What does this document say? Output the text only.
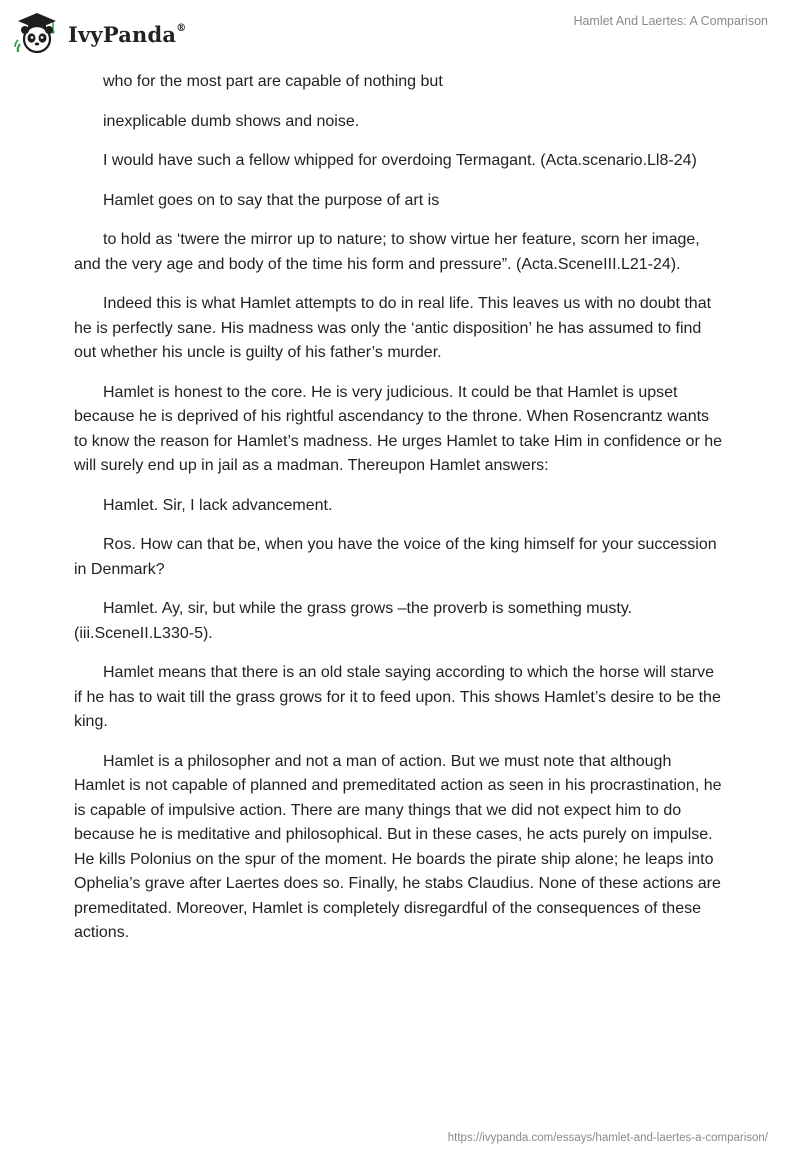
IvyPanda®	Hamlet And Laertes: A Comparison

who for the most part are capable of nothing but

inexplicable dumb shows and noise.

I would have such a fellow whipped for overdoing Termagant. (Acta.scenario.Ll8-24)

Hamlet goes on to say that the purpose of art is

to hold as ‘twere the mirror up to nature; to show virtue her feature, scorn her image, and the very age and body of the time his form and pressure”. (Acta.SceneIII.L21-24).

Indeed this is what Hamlet attempts to do in real life. This leaves us with no doubt that he is perfectly sane. His madness was only the ‘antic disposition’ he has assumed to find out whether his uncle is guilty of his father’s murder.

Hamlet is honest to the core. He is very judicious. It could be that Hamlet is upset because he is deprived of his rightful ascendancy to the throne. When Rosencrantz wants to know the reason for Hamlet’s madness. He urges Hamlet to take Him in confidence or he will surely end up in jail as a madman. Thereupon Hamlet answers:

Hamlet. Sir, I lack advancement.

Ros. How can that be, when you have the voice of the king himself for your succession in Denmark?

Hamlet. Ay, sir, but while the grass grows –the proverb is something musty. (iii.SceneII.L330-5).

Hamlet means that there is an old stale saying according to which the horse will starve if he has to wait till the grass grows for it to feed upon. This shows Hamlet’s desire to be the king.

Hamlet is a philosopher and not a man of action. But we must note that although Hamlet is not capable of planned and premeditated action as seen in his procrastination, he is capable of impulsive action. There are many things that we did not expect him to do because he is meditative and philosophical. But in these cases, he acts purely on impulse. He kills Polonius on the spur of the moment. He boards the pirate ship alone; he leaps into Ophelia’s grave after Laertes does so. Finally, he stabs Claudius. None of these actions are premeditated. Moreover, Hamlet is completely disregardful of the consequences of these actions.

https://ivypanda.com/essays/hamlet-and-laertes-a-comparison/
